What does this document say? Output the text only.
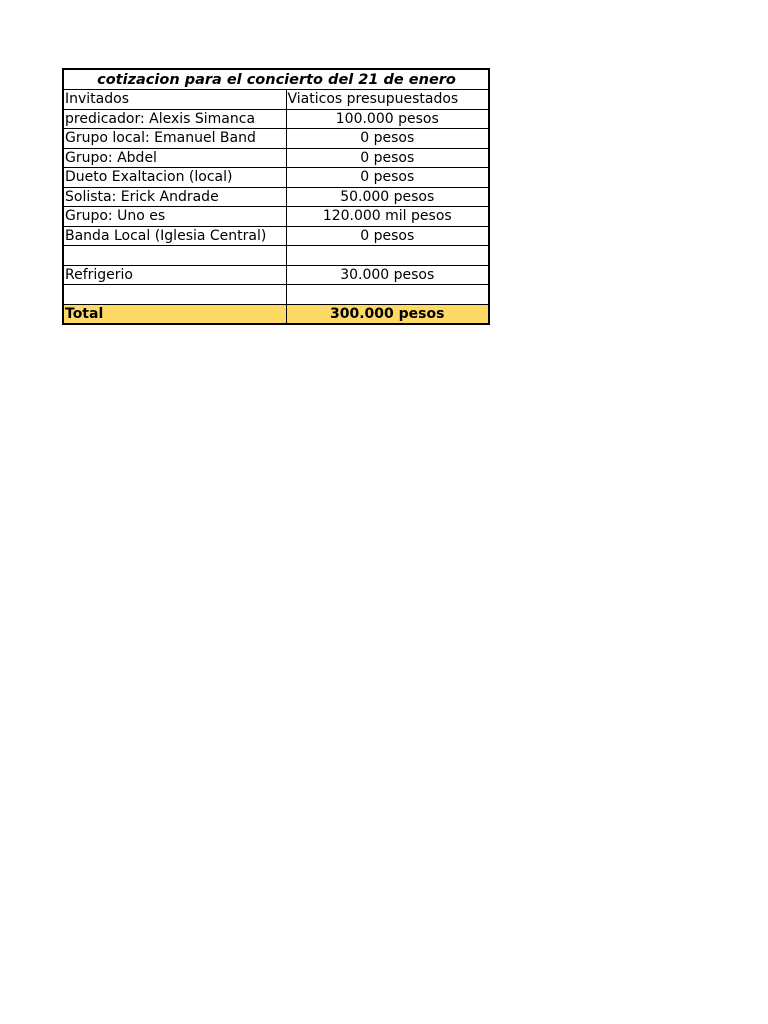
cotizacion para el concierto del 21 de enero	
Invitados	Viaticos presupuestados
predicador: Alexis Simanca	100.000 pesos
Grupo local: Emanuel Band	0 pesos
Grupo: Abdel	0 pesos
Dueto Exaltacion (local)	0 pesos
Solista: Erick Andrade	50.000 pesos
Grupo: Uno es	120.000 mil pesos
Banda Local (Iglesia Central)	0 pesos

Refrigerio	30.000 pesos

Total	300.000 pesos
